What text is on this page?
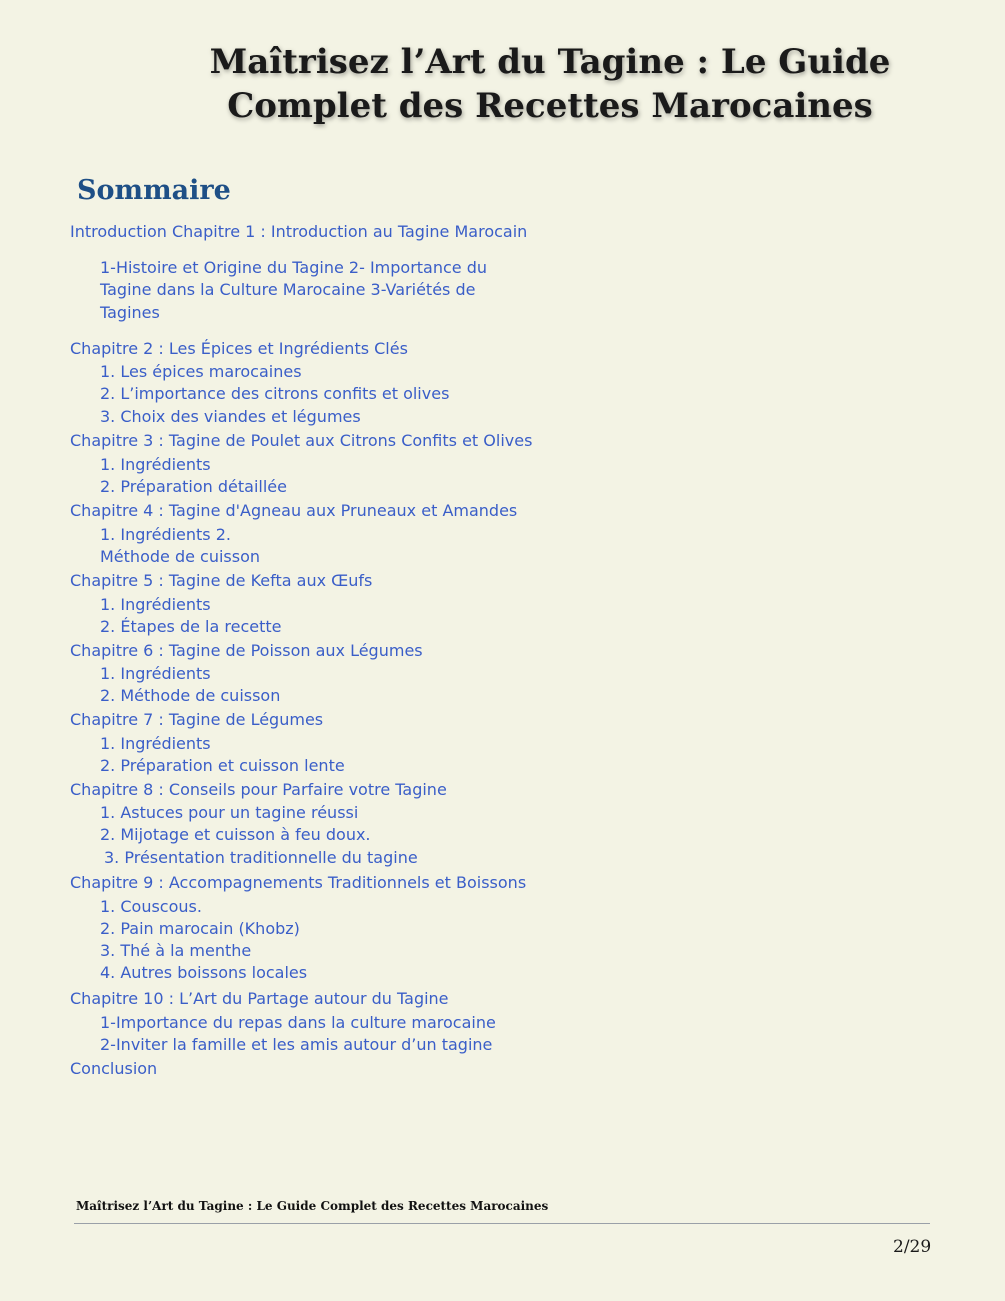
Maîtrisez l’Art du Tagine : Le Guide
Complet des Recettes Marocaines
Sommaire
Introduction Chapitre 1 : Introduction au Tagine Marocain
1-Histoire et Origine du Tagine 2- Importance du
Tagine dans la Culture Marocaine 3-Variétés de
Tagines
Chapitre 2 : Les Épices et Ingrédients Clés
1. Les épices marocaines
2. L’importance des citrons confits et olives
3. Choix des viandes et légumes
Chapitre 3 : Tagine de Poulet aux Citrons Confits et Olives
1. Ingrédients
2. Préparation détaillée
Chapitre 4 : Tagine d'Agneau aux Pruneaux et Amandes
1. Ingrédients 2.
Méthode de cuisson
Chapitre 5 : Tagine de Kefta aux Œufs
1. Ingrédients
2. Étapes de la recette
Chapitre 6 : Tagine de Poisson aux Légumes
1. Ingrédients
2. Méthode de cuisson
Chapitre 7 : Tagine de Légumes
1. Ingrédients
2. Préparation et cuisson lente
Chapitre 8 : Conseils pour Parfaire votre Tagine
1. Astuces pour un tagine réussi
2. Mijotage et cuisson à feu doux.
3. Présentation traditionnelle du tagine
Chapitre 9 : Accompagnements Traditionnels et Boissons
1. Couscous.
2. Pain marocain (Khobz)
3. Thé à la menthe
4. Autres boissons locales
Chapitre 10 : L’Art du Partage autour du Tagine
1-Importance du repas dans la culture marocaine
2-Inviter la famille et les amis autour d’un tagine
Conclusion
Maîtrisez l’Art du Tagine : Le Guide Complet des Recettes Marocaines
2/29
